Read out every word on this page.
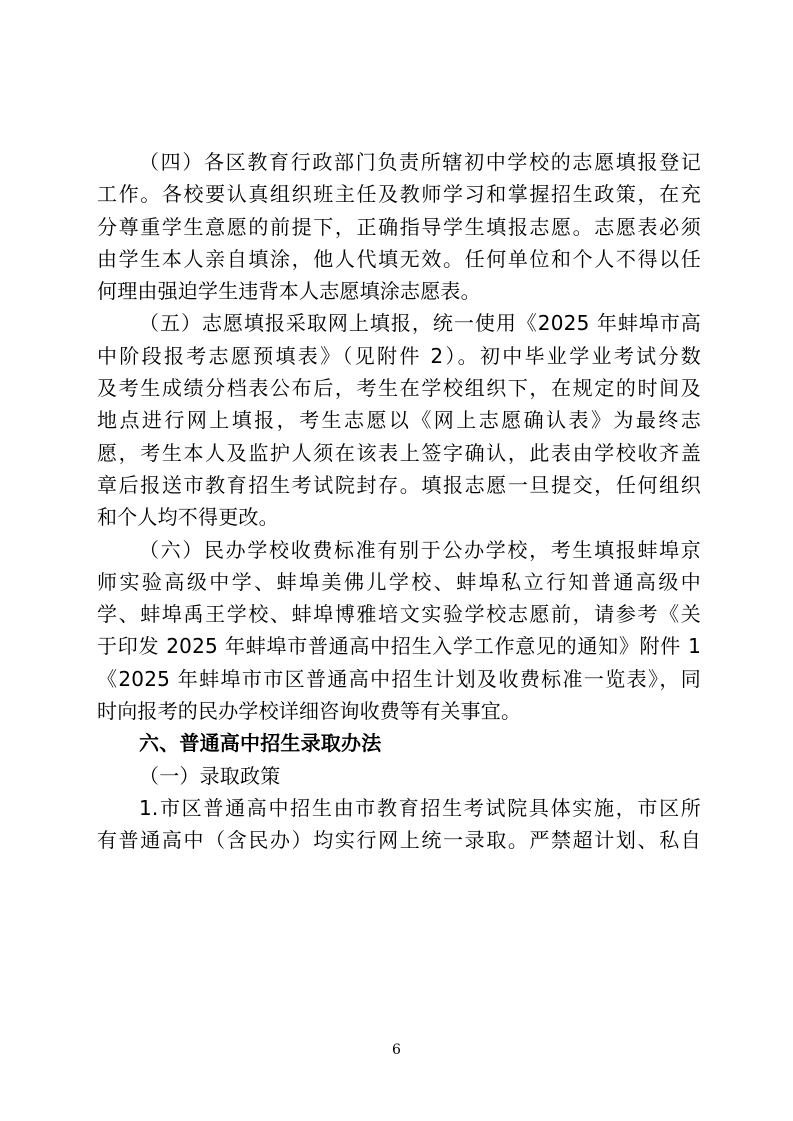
（四）各区教育行政部门负责所辖初中学校的志愿填报登记
工作。各校要认真组织班主任及教师学习和掌握招生政策，在充
分尊重学生意愿的前提下，正确指导学生填报志愿。志愿表必须
由学生本人亲自填涂，他人代填无效。任何单位和个人不得以任
何理由强迫学生违背本人志愿填涂志愿表。
（五）志愿填报采取网上填报，统一使用《2025 年蚌埠市高
中阶段报考志愿预填表》（见附件 2）。初中毕业学业考试分数
及考生成绩分档表公布后，考生在学校组织下，在规定的时间及
地点进行网上填报，考生志愿以《网上志愿确认表》为最终志
愿，考生本人及监护人须在该表上签字确认，此表由学校收齐盖
章后报送市教育招生考试院封存。填报志愿一旦提交，任何组织
和个人均不得更改。
（六）民办学校收费标准有别于公办学校，考生填报蚌埠京
师实验高级中学、蚌埠美佛儿学校、蚌埠私立行知普通高级中
学、蚌埠禹王学校、蚌埠博雅培文实验学校志愿前，请参考《关
于印发 2025 年蚌埠市普通高中招生入学工作意见的通知》附件 1
《2025 年蚌埠市市区普通高中招生计划及收费标准一览表》，同
时向报考的民办学校详细咨询收费等有关事宜。
六、普通高中招生录取办法
（一）录取政策
1.市区普通高中招生由市教育招生考试院具体实施，市区所
有普通高中（含民办）均实行网上统一录取。严禁超计划、私自
6
